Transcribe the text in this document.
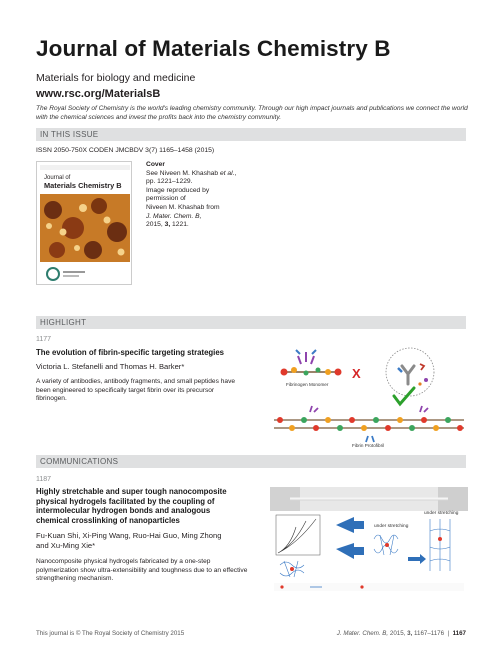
Journal of Materials Chemistry B
Materials for biology and medicine
www.rsc.org/MaterialsB
The Royal Society of Chemistry is the world's leading chemistry community. Through our high impact journals and publications we connect the world with the chemical sciences and invest the profits back into the chemistry community.
IN THIS ISSUE
ISSN 2050-750X CODEN JMCBDV 3(7) 1165–1458 (2015)
Journal of
Materials Chemistry B
Cover
See Niveen M. Khashab et al.,
pp. 1221–1229.
Image reproduced by
permission of
Niveen M. Khashab from
J. Mater. Chem. B,
2015, 3, 1221.
HIGHLIGHT
1177
The evolution of fibrin-specific targeting strategies
Victoria L. Stefanelli and Thomas H. Barker*
A variety of antibodies, antibody fragments, and small peptides have been engineered to specifically target fibrin over its precursor fibrinogen.
Fibrinogen Monomer
X
Fibrin Protofibril
COMMUNICATIONS
1187
Highly stretchable and super tough nanocomposite
physical hydrogels facilitated by the coupling of
intermolecular hydrogen bonds and analogous
chemical crosslinking of nanoparticles
Fu-Kuan Shi, Xi-Ping Wang, Ruo-Hai Guo, Ming Zhong
and Xu-Ming Xie*
Nanocomposite physical hydrogels fabricated by a one-step polymerization show ultra-extensibility and toughness due to an effective strengthening mechanism.
under stretching
under stretching
This journal is © The Royal Society of Chemistry 2015	J. Mater. Chem. B, 2015, 3, 1167–1176  |  1167
